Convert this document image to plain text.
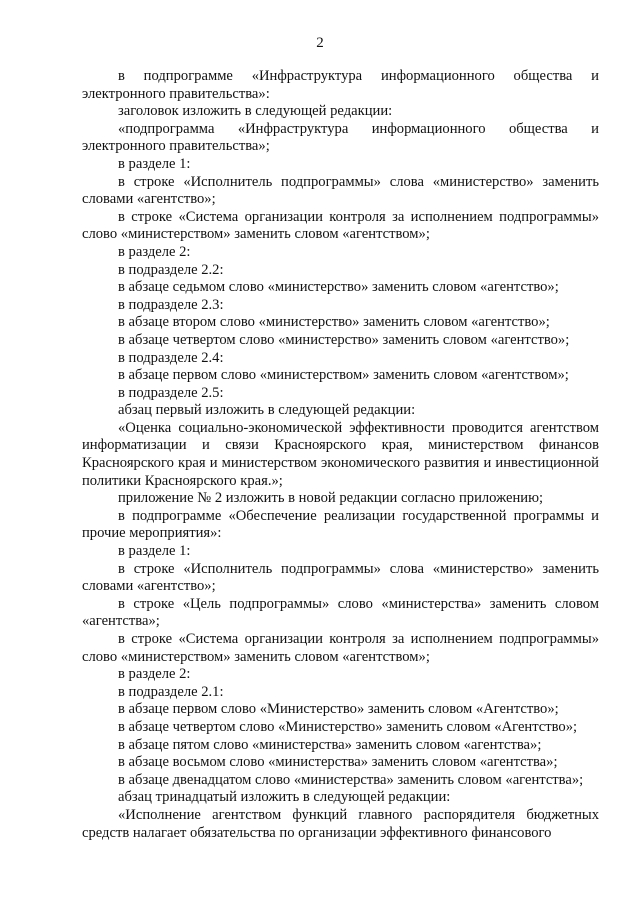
2

в подпрограмме «Инфраструктура информационного общества и электронного правительства»:

заголовок изложить в следующей редакции:

«подпрограмма «Инфраструктура информационного общества и электронного правительства»;

в разделе 1:

в строке «Исполнитель подпрограммы» слова «министерство» заменить словами «агентство»;

в строке «Система организации контроля за исполнением подпрограммы» слово «министерством» заменить словом «агентством»;

в разделе 2:

в подразделе 2.2:

в абзаце седьмом слово «министерство» заменить словом «агентство»;

в подразделе 2.3:

в абзаце втором слово «министерство» заменить словом «агентство»;

в абзаце четвертом слово «министерство» заменить словом «агентство»;

в подразделе 2.4:

в абзаце первом слово «министерством» заменить словом «агентством»;

в подразделе 2.5:

абзац первый изложить в следующей редакции:

«Оценка социально-экономической эффективности проводится агентством информатизации и связи Красноярского края, министерством финансов Красноярского края и министерством экономического развития и инвестиционной политики Красноярского края.»;

приложение № 2 изложить в новой редакции согласно приложению;

в подпрограмме «Обеспечение реализации государственной программы и прочие мероприятия»:

в разделе 1:

в строке «Исполнитель подпрограммы» слова «министерство» заменить словами «агентство»;

в строке «Цель подпрограммы» слово «министерства» заменить словом «агентства»;

в строке «Система организации контроля за исполнением подпрограммы» слово «министерством» заменить словом «агентством»;

в разделе 2:

в подразделе 2.1:

в абзаце первом слово «Министерство» заменить словом «Агентство»;

в абзаце четвертом слово «Министерство» заменить словом «Агентство»;

в абзаце пятом слово «министерства» заменить словом «агентства»;

в абзаце восьмом слово «министерства» заменить словом «агентства»;

в абзаце двенадцатом слово «министерства» заменить словом «агентства»;

абзац тринадцатый изложить в следующей редакции:

«Исполнение агентством функций главного распорядителя бюджетных средств налагает обязательства по организации эффективного финансового
